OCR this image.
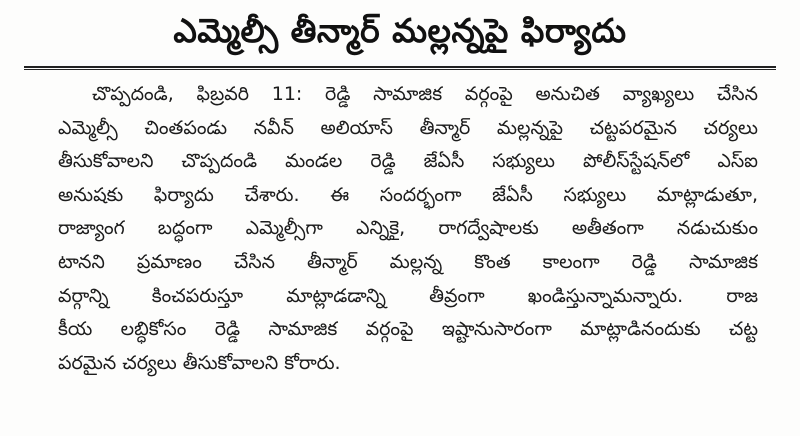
ఎమ్మెల్సీ తీన్మార్ మల్లన్నపై ఫిర్యాదు
చొప్పదండి, ఫిబ్రవరి 11: రెడ్డి సామాజిక వర్గంపై అనుచిత వ్యాఖ్యలు చేసిన
ఎమ్మెల్సీ చింతపండు నవీన్ అలియాస్ తీన్మార్ మల్లన్నపై చట్టపరమైన చర్యలు
తీసుకోవాలని చొప్పదండి మండల రెడ్డి జేఏసీ సభ్యులు పోలీస్‌స్టేషన్‌లో ఎస్ఐ
అనుషకు ఫిర్యాదు చేశారు. ఈ సందర్భంగా జేఏసీ సభ్యులు మాట్లాడుతూ,
రాజ్యాంగ బద్ధంగా ఎమ్మెల్సీగా ఎన్నికై, రాగద్వేషాలకు అతీతంగా నడుచుకుం
టానని ప్రమాణం చేసిన తీన్మార్ మల్లన్న కొంత కాలంగా రెడ్డి సామాజిక
వర్గాన్ని కించపరుస్తూ మాట్లాడడాన్ని తీవ్రంగా ఖండిస్తున్నామన్నారు. రాజ
కీయ లబ్ధికోసం రెడ్డి సామాజిక వర్గంపై ఇష్టానుసారంగా మాట్లాడినందుకు చట్ట
పరమైన చర్యలు తీసుకోవాలని కోరారు.
